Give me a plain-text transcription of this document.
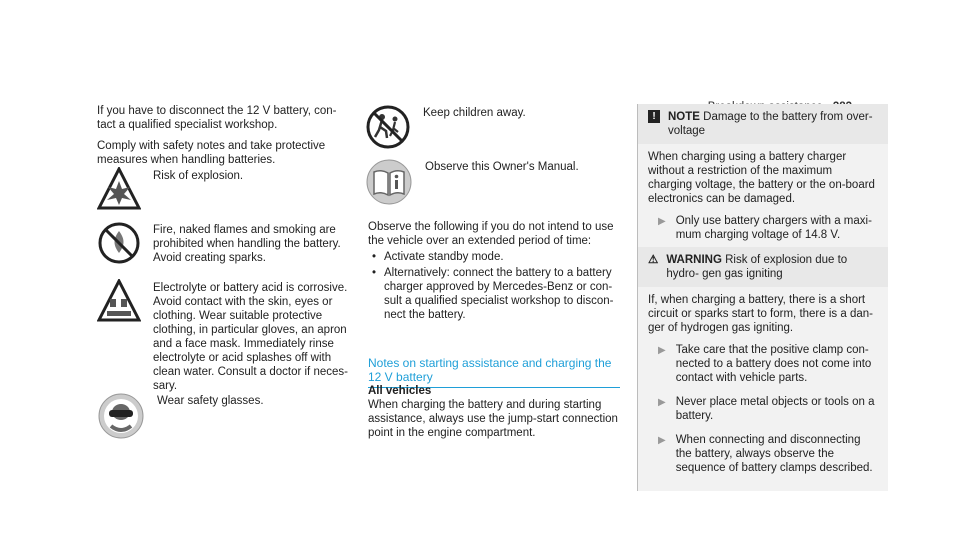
If you have to disconnect the 12 V battery, con- tact a qualified specialist workshop.

Comply with safety notes and take protective measures when handling batteries.

Risk of explosion.
Fire, naked flames and smoking are prohibited when handling the battery. Avoid creating sparks.
Electrolyte or battery acid is corrosive. Avoid contact with the skin, eyes or clothing. Wear suitable protective clothing, in particular gloves, an apron and a face mask. Immediately rinse electrolyte or acid splashes off with clean water. Consult a doctor if neces- sary.
Wear safety glasses.
Keep children away.
Observe this Owner's Manual.

Observe the following if you do not intend to use the vehicle over an extended period of time:

• Activate standby mode.
• Alternatively: connect the battery to a battery charger approved by Mercedes-Benz or con- sult a qualified specialist workshop to discon- nect the battery.
Notes on starting assistance and charging the 12 V battery
All vehicles
When charging the battery and during starting assistance, always use the jump-start connection point in the engine compartment.
!	NOTE Damage to the battery from over- voltage

When charging using a battery charger without a restriction of the maximum charging voltage, the battery or the on-board electronics can be damaged.

▶ Only use battery chargers with a maxi- mum charging voltage of 14.8 V.
⚠ WARNING Risk of explosion due to hydro- gen gas igniting

If, when charging a battery, there is a short circuit or sparks start to form, there is a dan- ger of hydrogen gas igniting.

▶ Take care that the positive clamp con- nected to a battery does not come into contact with vehicle parts.
▶ Never place metal objects or tools on a battery.
▶ When connecting and disconnecting the battery, always observe the sequence of battery clamps described.
